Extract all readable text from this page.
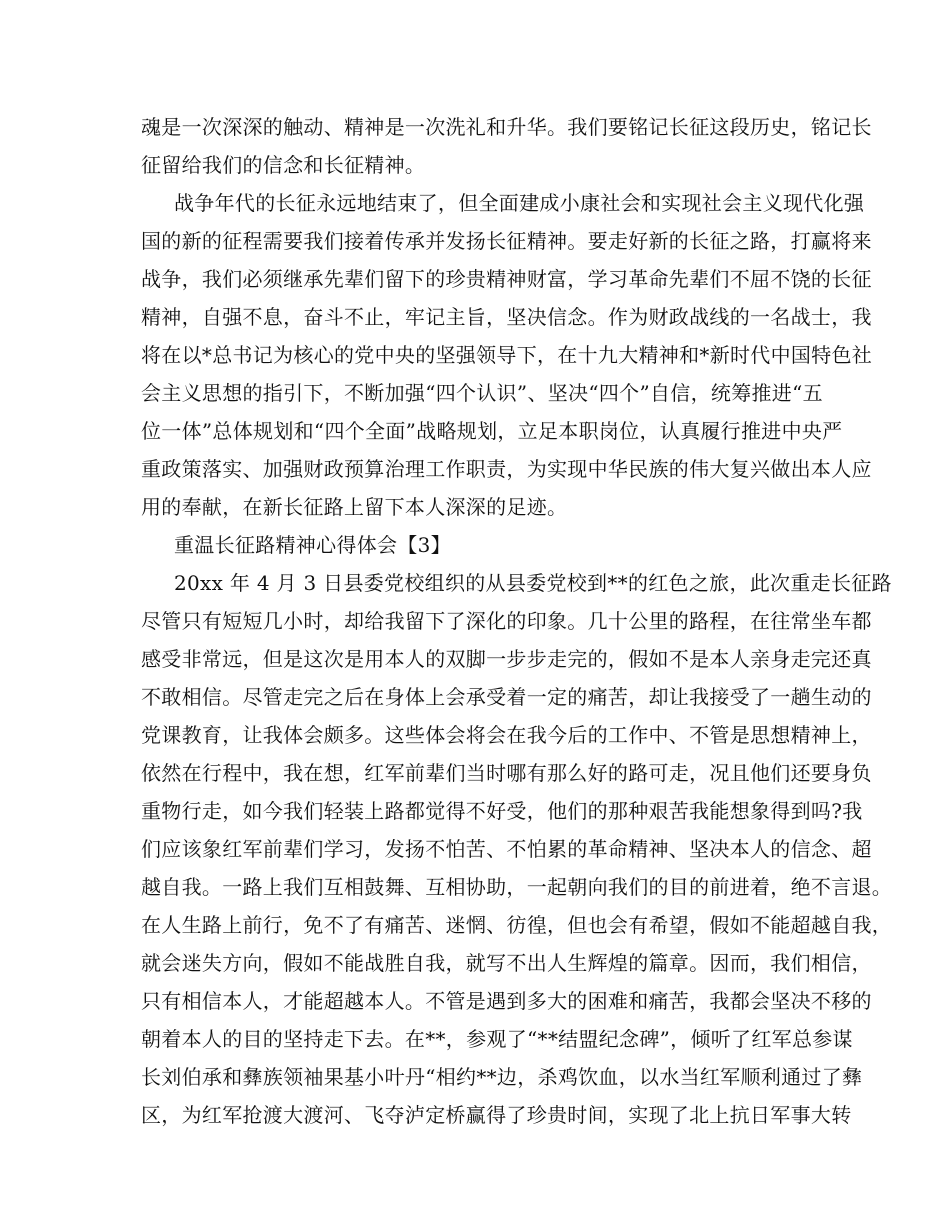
魂是一次深深的触动、精神是一次洗礼和升华。我们要铭记长征这段历史，铭记长
征留给我们的信念和长征精神。
战争年代的长征永远地结束了，但全面建成小康社会和实现社会主义现代化强
国的新的征程需要我们接着传承并发扬长征精神。要走好新的长征之路，打赢将来
战争，我们必须继承先辈们留下的珍贵精神财富，学习革命先辈们不屈不饶的长征
精神，自强不息，奋斗不止，牢记主旨，坚决信念。作为财政战线的一名战士，我
将在以*总书记为核心的党中央的坚强领导下，在十九大精神和*新时代中国特色社
会主义思想的指引下，不断加强“四个认识”、坚决“四个”自信，统筹推进“五
位一体”总体规划和“四个全面”战略规划，立足本职岗位，认真履行推进中央严
重政策落实、加强财政预算治理工作职责，为实现中华民族的伟大复兴做出本人应
用的奉献，在新长征路上留下本人深深的足迹。
重温长征路精神心得体会【3】
20xx 年 4 月 3 日县委党校组织的从县委党校到**的红色之旅，此次重走长征路
尽管只有短短几小时，却给我留下了深化的印象。几十公里的路程，在往常坐车都
感受非常远，但是这次是用本人的双脚一步步走完的，假如不是本人亲身走完还真
不敢相信。尽管走完之后在身体上会承受着一定的痛苦，却让我接受了一趟生动的
党课教育，让我体会颇多。这些体会将会在我今后的工作中、不管是思想精神上，
依然在行程中，我在想，红军前辈们当时哪有那么好的路可走，况且他们还要身负
重物行走，如今我们轻装上路都觉得不好受，他们的那种艰苦我能想象得到吗?我
们应该象红军前辈们学习，发扬不怕苦、不怕累的革命精神、坚决本人的信念、超
越自我。一路上我们互相鼓舞、互相协助，一起朝向我们的目的前进着，绝不言退。
在人生路上前行，免不了有痛苦、迷惘、彷徨，但也会有希望，假如不能超越自我，
就会迷失方向，假如不能战胜自我，就写不出人生辉煌的篇章。因而，我们相信，
只有相信本人，才能超越本人。不管是遇到多大的困难和痛苦，我都会坚决不移的
朝着本人的目的坚持走下去。在**，参观了“**结盟纪念碑”，倾听了红军总参谋
长刘伯承和彝族领袖果基小叶丹“相约**边，杀鸡饮血，以水当红军顺利通过了彝
区，为红军抢渡大渡河、飞夺泸定桥赢得了珍贵时间，实现了北上抗日军事大转
